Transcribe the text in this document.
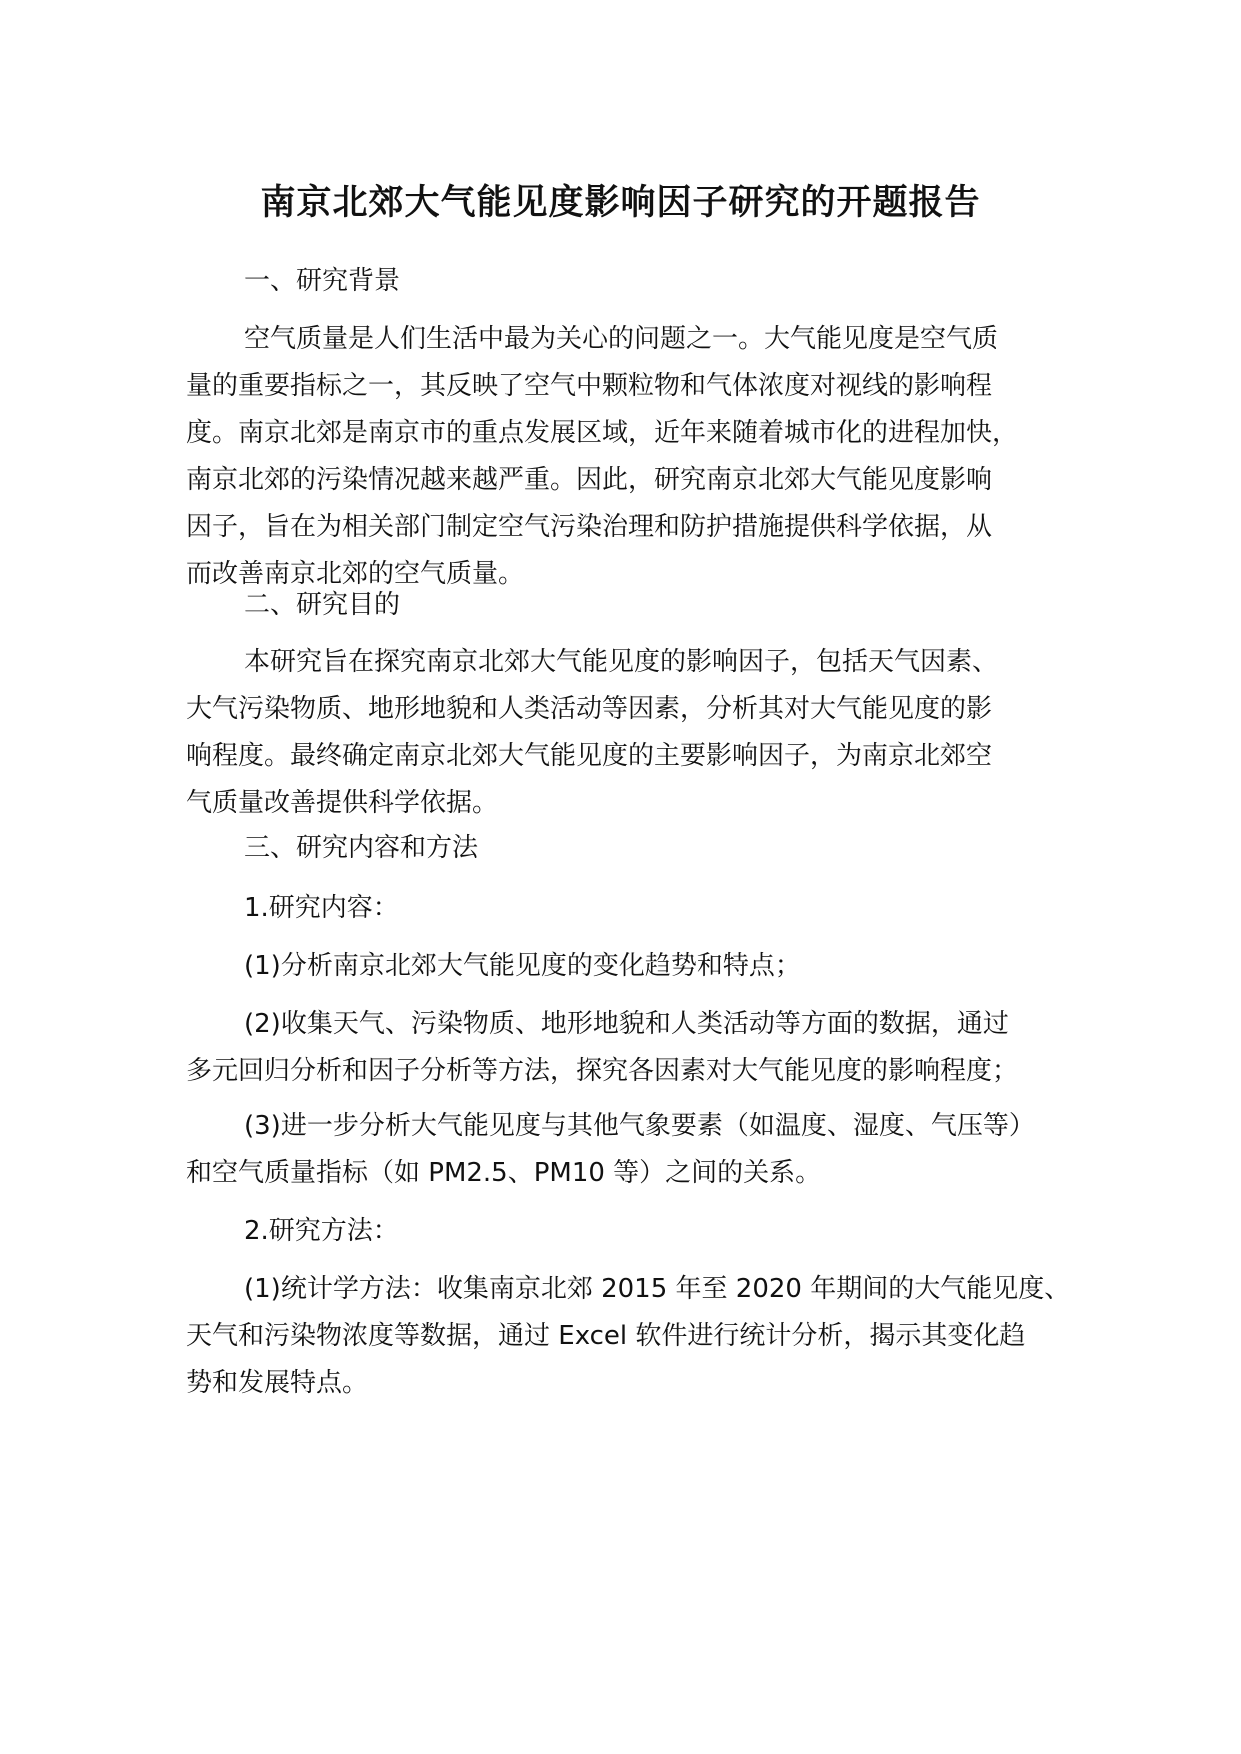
南京北郊大气能见度影响因子研究的开题报告

一、研究背景

空气质量是人们生活中最为关心的问题之一。大气能见度是空气质
量的重要指标之一，其反映了空气中颗粒物和气体浓度对视线的影响程
度。南京北郊是南京市的重点发展区域，近年来随着城市化的进程加快，
南京北郊的污染情况越来越严重。因此，研究南京北郊大气能见度影响
因子，旨在为相关部门制定空气污染治理和防护措施提供科学依据，从
而改善南京北郊的空气质量。

二、研究目的

本研究旨在探究南京北郊大气能见度的影响因子，包括天气因素、
大气污染物质、地形地貌和人类活动等因素，分析其对大气能见度的影
响程度。最终确定南京北郊大气能见度的主要影响因子，为南京北郊空
气质量改善提供科学依据。

三、研究内容和方法

1.研究内容：

(1)分析南京北郊大气能见度的变化趋势和特点；

(2)收集天气、污染物质、地形地貌和人类活动等方面的数据，通过
多元回归分析和因子分析等方法，探究各因素对大气能见度的影响程度；

(3)进一步分析大气能见度与其他气象要素（如温度、湿度、气压等）
和空气质量指标（如 PM2.5、PM10 等）之间的关系。

2.研究方法：

(1)统计学方法：收集南京北郊 2015 年至 2020 年期间的大气能见度、
天气和污染物浓度等数据，通过 Excel 软件进行统计分析，揭示其变化趋
势和发展特点。
